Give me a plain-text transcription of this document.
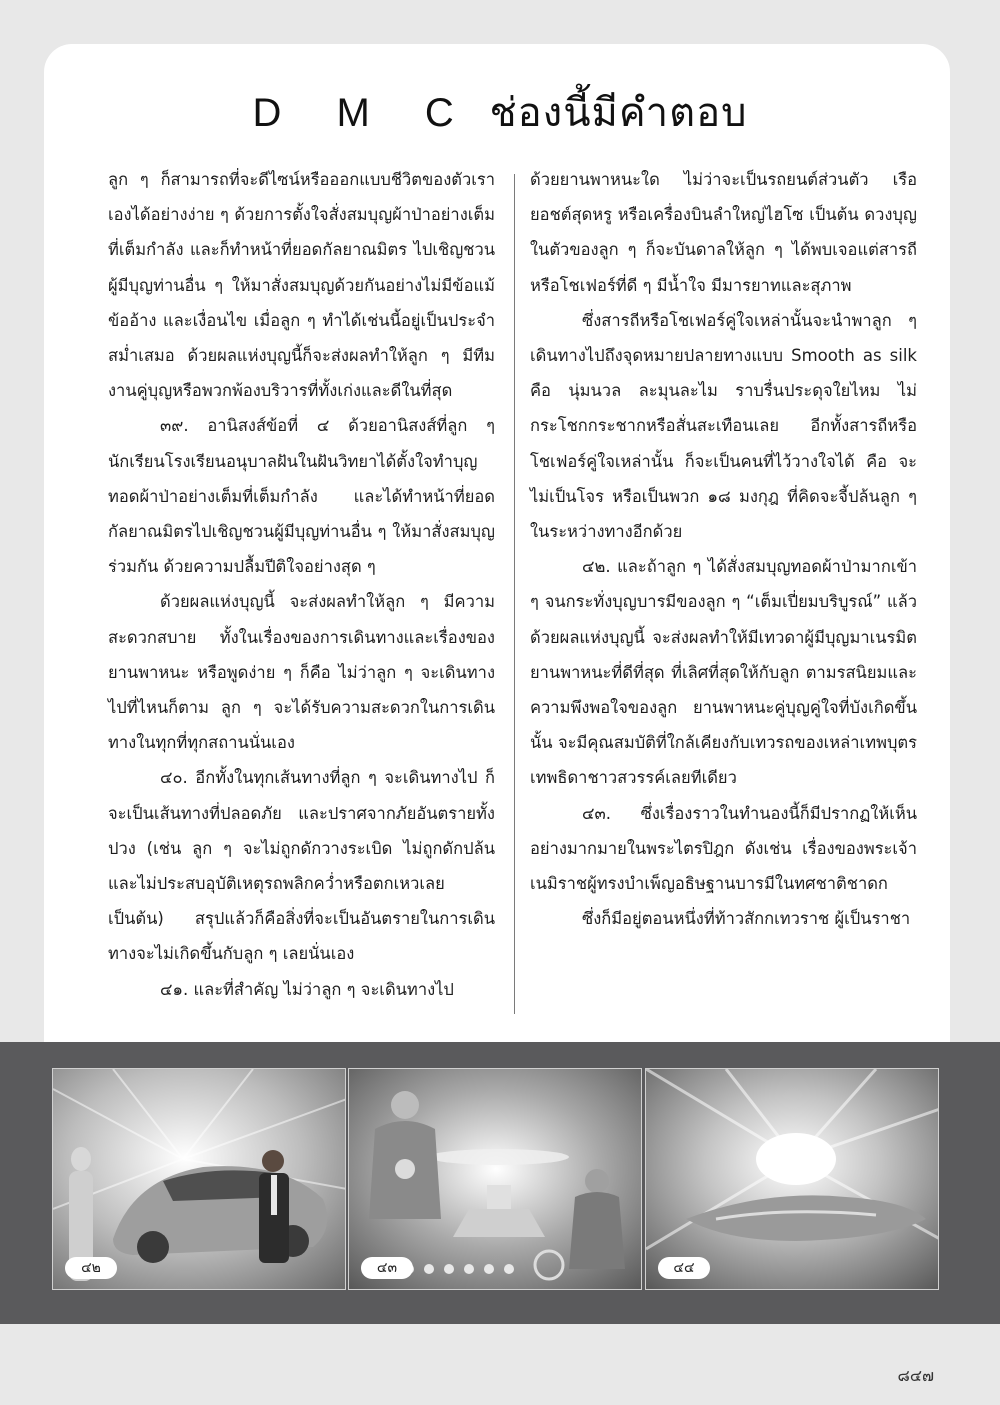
D M C ช่องนี้มีคำตอบ

ลูก ๆ ก็สามารถที่จะดีไซน์หรือออกแบบชีวิตของตัวเราเองได้อย่างง่าย ๆ ด้วยการตั้งใจสั่งสมบุญผ้าป่าอย่างเต็มที่เต็มกำลัง และก็ทำหน้าที่ยอดกัลยาณมิตร ไปเชิญชวนผู้มีบุญท่านอื่น ๆ ให้มาสั่งสมบุญด้วยกันอย่างไม่มีข้อแม้ ข้ออ้าง และเงื่อนไข เมื่อลูก ๆ ทำได้เช่นนี้อยู่เป็นประจำสม่ำเสมอ ด้วยผลแห่งบุญนี้ก็จะส่งผลทำให้ลูก ๆ มีทีมงานคู่บุญหรือพวกพ้องบริวารที่ทั้งเก่งและดีในที่สุด

๓๙. อานิสงส์ข้อที่ ๔ ด้วยอานิสงส์ที่ลูก ๆ นักเรียนโรงเรียนอนุบาลฝันในฝันวิทยาได้ตั้งใจทำบุญทอดผ้าป่าอย่างเต็มที่เต็มกำลัง และได้ทำหน้าที่ยอดกัลยาณมิตรไปเชิญชวนผู้มีบุญท่านอื่น ๆ ให้มาสั่งสมบุญร่วมกัน ด้วยความปลื้มปีติใจอย่างสุด ๆ

ด้วยผลแห่งบุญนี้ จะส่งผลทำให้ลูก ๆ มีความสะดวกสบาย ทั้งในเรื่องของการเดินทางและเรื่องของยานพาหนะ หรือพูดง่าย ๆ ก็คือ ไม่ว่าลูก ๆ จะเดินทางไปที่ไหนก็ตาม ลูก ๆ จะได้รับความสะดวกในการเดินทางในทุกที่ทุกสถานนั่นเอง

๔๐. อีกทั้งในทุกเส้นทางที่ลูก ๆ จะเดินทางไป ก็จะเป็นเส้นทางที่ปลอดภัย และปราศจากภัยอันตรายทั้งปวง (เช่น ลูก ๆ จะไม่ถูกดักวางระเบิด ไม่ถูกดักปล้น และไม่ประสบอุบัติเหตุรถพลิกคว่ำหรือตกเหวเลย เป็นต้น) สรุปแล้วก็คือสิ่งที่จะเป็นอันตรายในการเดินทางจะไม่เกิดขึ้นกับลูก ๆ เลยนั่นเอง

๔๑. และที่สำคัญ ไม่ว่าลูก ๆ จะเดินทางไป

ด้วยยานพาหนะใด ไม่ว่าจะเป็นรถยนต์ส่วนตัว เรือยอชต์สุดหรู หรือเครื่องบินลำใหญ่ไฮโซ เป็นต้น ดวงบุญในตัวของลูก ๆ ก็จะบันดาลให้ลูก ๆ ได้พบเจอแต่สารถีหรือโชเฟอร์ที่ดี ๆ มีน้ำใจ มีมารยาทและสุภาพ

ซึ่งสารถีหรือโชเฟอร์คู่ใจเหล่านั้นจะนำพาลูก ๆ เดินทางไปถึงจุดหมายปลายทางแบบ Smooth as silk คือ นุ่มนวล ละมุนละไม ราบรื่นประดุจใยไหม ไม่กระโชกกระชากหรือสั่นสะเทือนเลย อีกทั้งสารถีหรือโชเฟอร์คู่ใจเหล่านั้น ก็จะเป็นคนที่ไว้วางใจได้ คือ จะไม่เป็นโจร หรือเป็นพวก ๑๘ มงกุฎ ที่คิดจะจี้ปล้นลูก ๆ ในระหว่างทางอีกด้วย

๔๒. และถ้าลูก ๆ ได้สั่งสมบุญทอดผ้าป่ามากเข้า ๆ จนกระทั่งบุญบารมีของลูก ๆ “เต็มเปี่ยมบริบูรณ์” แล้ว ด้วยผลแห่งบุญนี้ จะส่งผลทำให้มีเทวดาผู้มีบุญมาเนรมิตยานพาหนะที่ดีที่สุด ที่เลิศที่สุดให้กับลูก ตามรสนิยมและความพึงพอใจของลูก ยานพาหนะคู่บุญคู่ใจที่บังเกิดขึ้นนั้น จะมีคุณสมบัติที่ใกล้เคียงกับเทวรถของเหล่าเทพบุตรเทพธิดาชาวสวรรค์เลยทีเดียว

๔๓. ซึ่งเรื่องราวในทำนองนี้ก็มีปรากฏให้เห็นอย่างมากมายในพระไตรปิฎก ดังเช่น เรื่องของพระเจ้าเนมิราชผู้ทรงบำเพ็ญอธิษฐานบารมีในทศชาติชาดก

ซึ่งก็มีอยู่ตอนหนึ่งที่ท้าวสักกเทวราช ผู้เป็นราชา

๔๒	๔๓	๔๔
๘๔๗
